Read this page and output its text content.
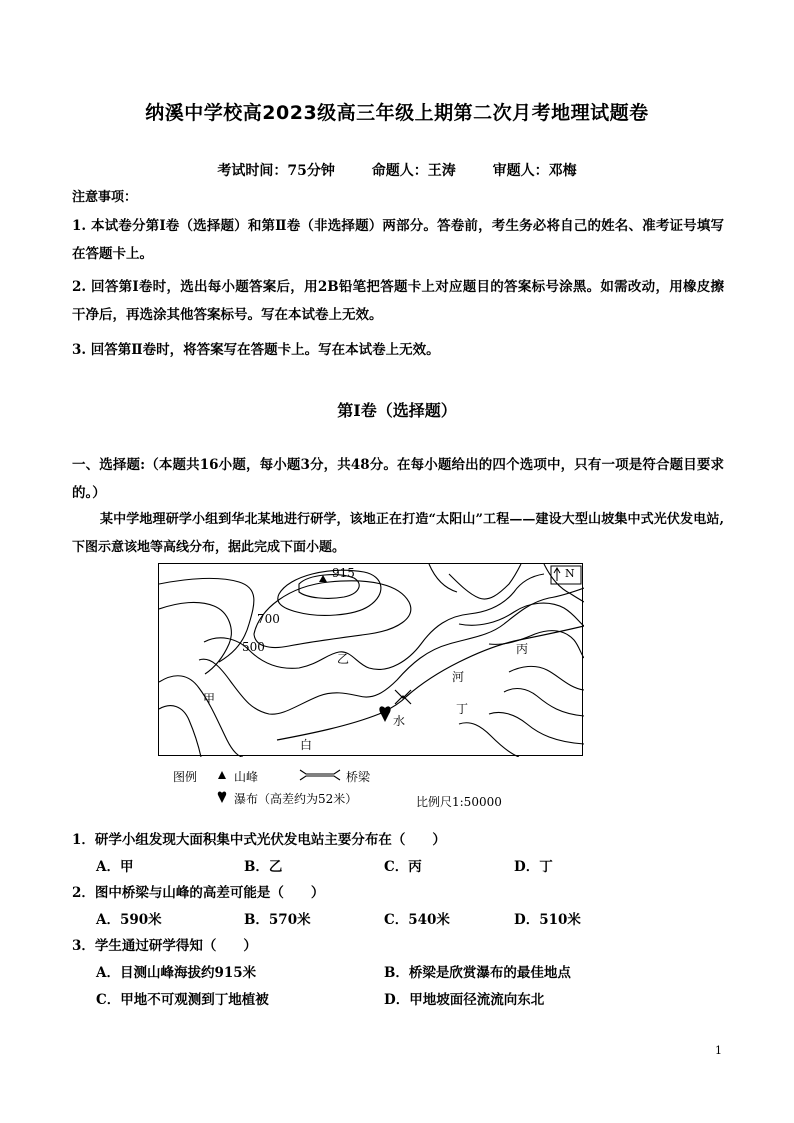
纳溪中学校高2023级高三年级上期第二次月考地理试题卷
考试时间：75分钟	命题人：王涛	审题人：邓梅
注意事项：
1. 本试卷分第Ⅰ卷（选择题）和第Ⅱ卷（非选择题）两部分。答卷前，考生务必将自己的姓名、准考证号填写在答题卡上。
2. 回答第Ⅰ卷时，选出每小题答案后，用2B铅笔把答题卡上对应题目的答案标号涂黑。如需改动，用橡皮擦干净后，再选涂其他答案标号。写在本试卷上无效。
3. 回答第Ⅱ卷时，将答案写在答题卡上。写在本试卷上无效。
第Ⅰ卷（选择题）
一、选择题:（本题共16小题，每小题3分，共48分。在每小题给出的四个选项中，只有一项是符合题目要求的。）
某中学地理研学小组到华北某地进行研学，该地正在打造“太阳山”工程——建设大型山坡集中式光伏发电站,下图示意该地等高线分布，据此完成下面小题。
915
700
500
乙
丙
甲
河
丁
水
白
N
图例	山峰	桥梁
瀑布（高差约为52米）	比例尺1:50000
1．研学小组发现大面积集中式光伏发电站主要分布在（　　）
A．甲	B．乙	C．丙	D．丁
2．图中桥梁与山峰的高差可能是（　　）
A．590米	B．570米	C．540米	D．510米
3．学生通过研学得知（　　）
A．目测山峰海拔约915米	B．桥梁是欣赏瀑布的最佳地点
C．甲地不可观测到丁地植被	D．甲地坡面径流流向东北
1
